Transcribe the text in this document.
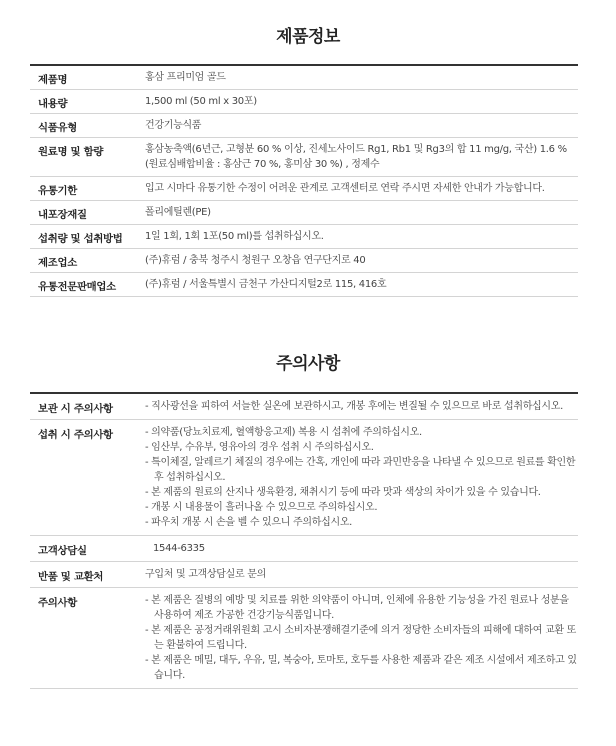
제품정보
제품명	홍삼 프리미엄 골드
내용량	1,500 ml (50 ml x 30포)
식품유형	건강기능식품
원료명 및 함량	홍삼농축액(6년근, 고형분 60 % 이상, 진세노사이드 Rg1, Rb1 및 Rg3의 합 11 mg/g, 국산) 1.6 % (원료심배합비율 : 홍삼근 70 %, 홍미삼 30 %) , 정제수
유통기한	입고 시마다 유통기한 수정이 어려운 관계로 고객센터로 연락 주시면 자세한 안내가 가능합니다.
내포장재질	폴리에틸렌(PE)
섭취량 및 섭취방법	1일 1회, 1회 1포(50 ml)를 섭취하십시오.
제조업소	(주)휴럼 / 충북 청주시 청원구 오창읍 연구단지로 40
유통전문판매업소	(주)휴럼 / 서울특별시 금천구 가산디지털2로 115, 416호
주의사항
보관 시 주의사항	- 직사광선을 피하여 서늘한 실온에 보관하시고, 개봉 후에는 변질될 수 있으므로 바로 섭취하십시오.
섭취 시 주의사항	- 의약품(당뇨치료제, 혈액항응고제) 복용 시 섭취에 주의하십시오.
- 임산부, 수유부, 영유아의 경우 섭취 시 주의하십시오.
- 특이체질, 알레르기 체질의 경우에는 간혹, 개인에 따라 과민반응을 나타낼 수 있으므로 원료를 확인한 후 섭취하십시오.
- 본 제품의 원료의 산지나 생육환경, 채취시기 등에 따라 맛과 색상의 차이가 있을 수 있습니다.
- 개봉 시 내용물이 흘러나올 수 있으므로 주의하십시오.
- 파우치 개봉 시 손을 벨 수 있으니 주의하십시오.
고객상담실	1544-6335
반품 및 교환처	구입처 및 고객상담실로 문의
주의사항	- 본 제품은 질병의 예방 및 치료를 위한 의약품이 아니며, 인체에 유용한 기능성을 가진 원료나 성분을 사용하여 제조 가공한 건강기능식품입니다.
- 본 제품은 공정거래위원회 고시 소비자분쟁해결기준에 의거 정당한 소비자들의 피해에 대하여 교환 또는 환불하여 드립니다.
- 본 제품은 메밀, 대두, 우유, 밀, 복숭아, 토마토, 호두를 사용한 제품과 같은 제조 시설에서 제조하고 있습니다.
